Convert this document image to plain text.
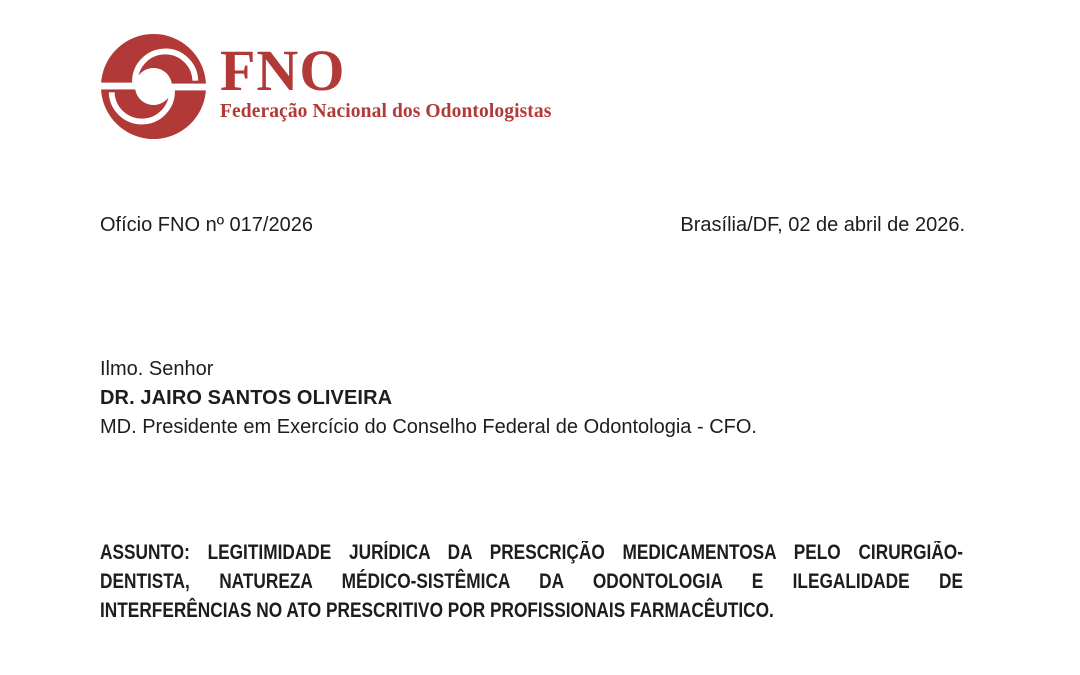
FNO
Federação Nacional dos Odontologistas
Ofício FNO nº 017/2026	Brasília/DF, 02 de abril de 2026.
Ilmo. Senhor
DR. JAIRO SANTOS OLIVEIRA
MD. Presidente em Exercício do Conselho Federal de Odontologia - CFO.
ASSUNTO: LEGITIMIDADE JURÍDICA DA PRESCRIÇÃO MEDICAMENTOSA PELO CIRURGIÃO-
DENTISTA, NATUREZA MÉDICO-SISTÊMICA DA ODONTOLOGIA E ILEGALIDADE DE
INTERFERÊNCIAS NO ATO PRESCRITIVO POR PROFISSIONAIS FARMACÊUTICO.
